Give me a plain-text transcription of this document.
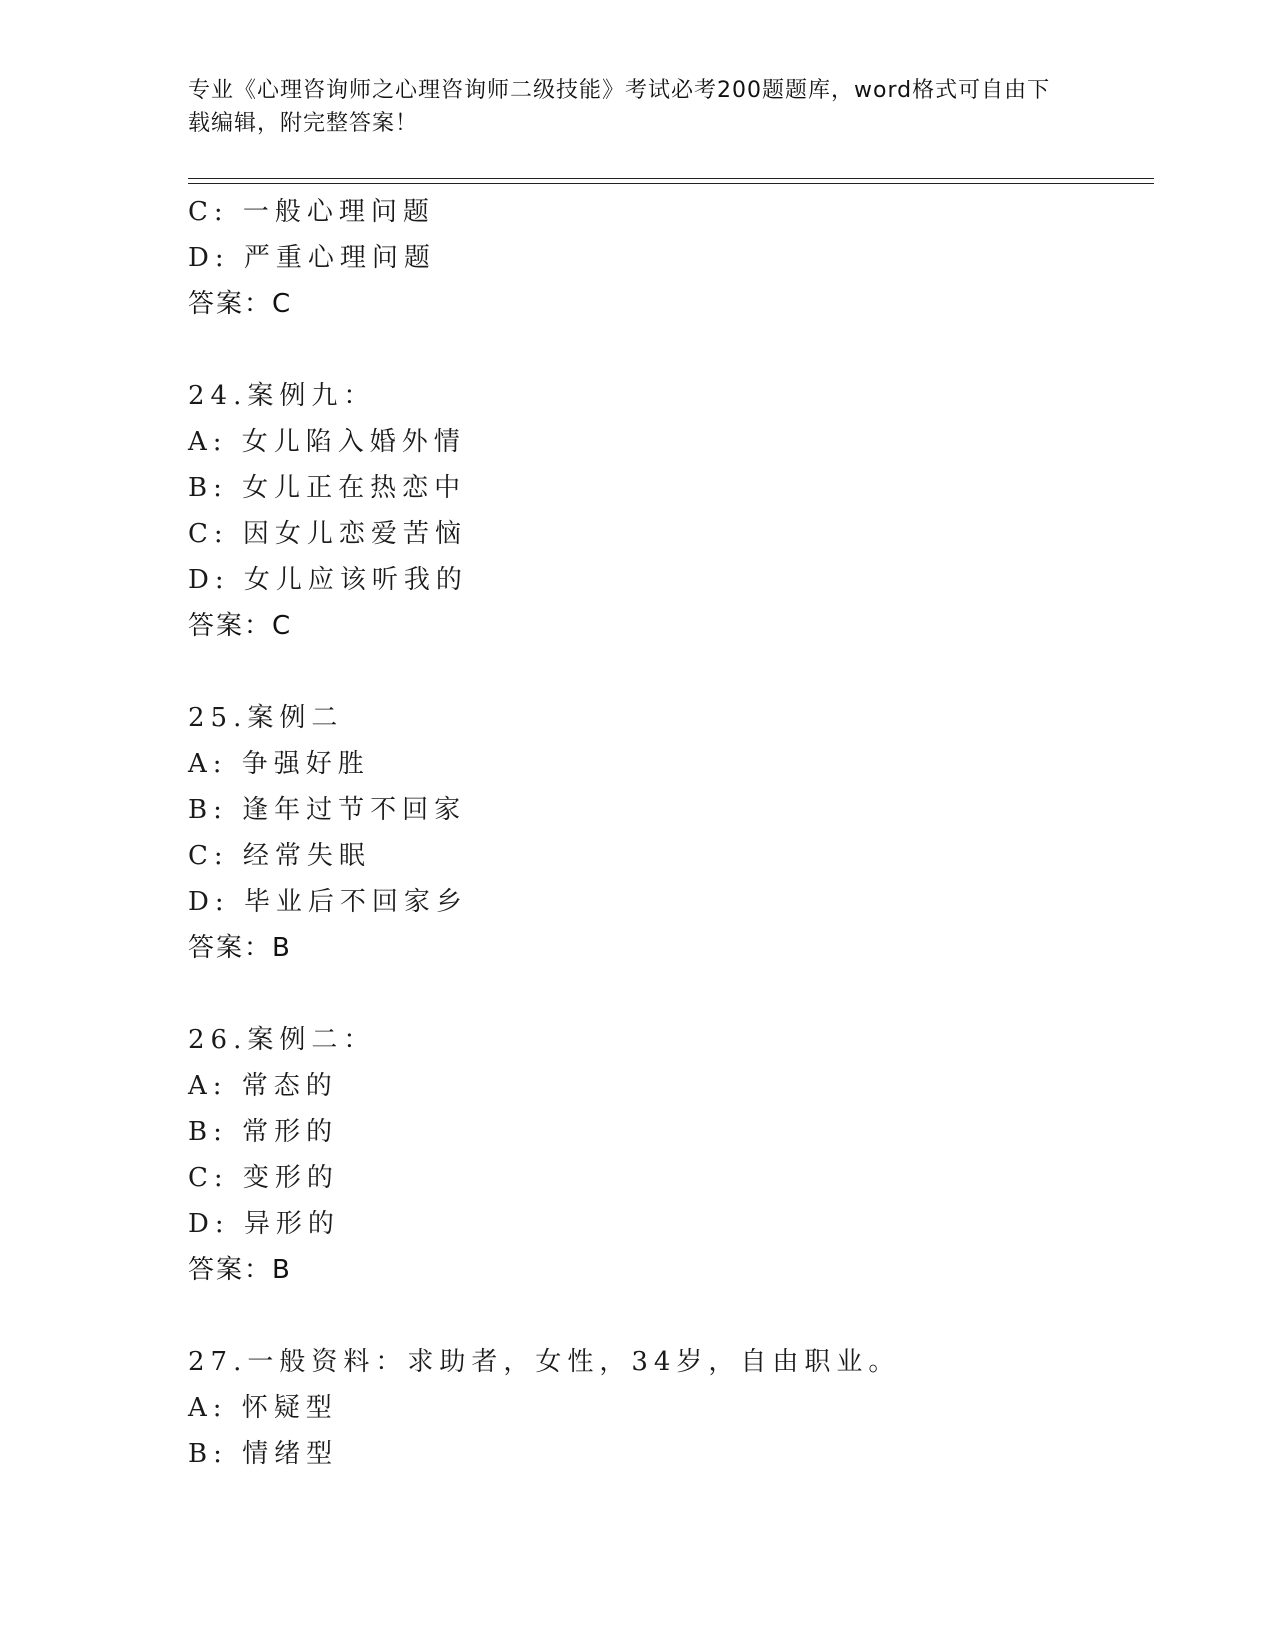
专业《心理咨询师之心理咨询师二级技能》考试必考200题题库，word格式可自由下载编辑，附完整答案！
C: 一般心理问题
D: 严重心理问题
答案：C
24.案例九：
A: 女儿陷入婚外情
B: 女儿正在热恋中
C: 因女儿恋爱苦恼
D: 女儿应该听我的
答案：C
25.案例二
A: 争强好胜
B: 逢年过节不回家
C: 经常失眠
D: 毕业后不回家乡
答案：B
26.案例二：
A: 常态的
B: 常形的
C: 变形的
D: 异形的
答案：B
27.一般资料：求助者，女性，34岁，自由职业。
A: 怀疑型
B: 情绪型
